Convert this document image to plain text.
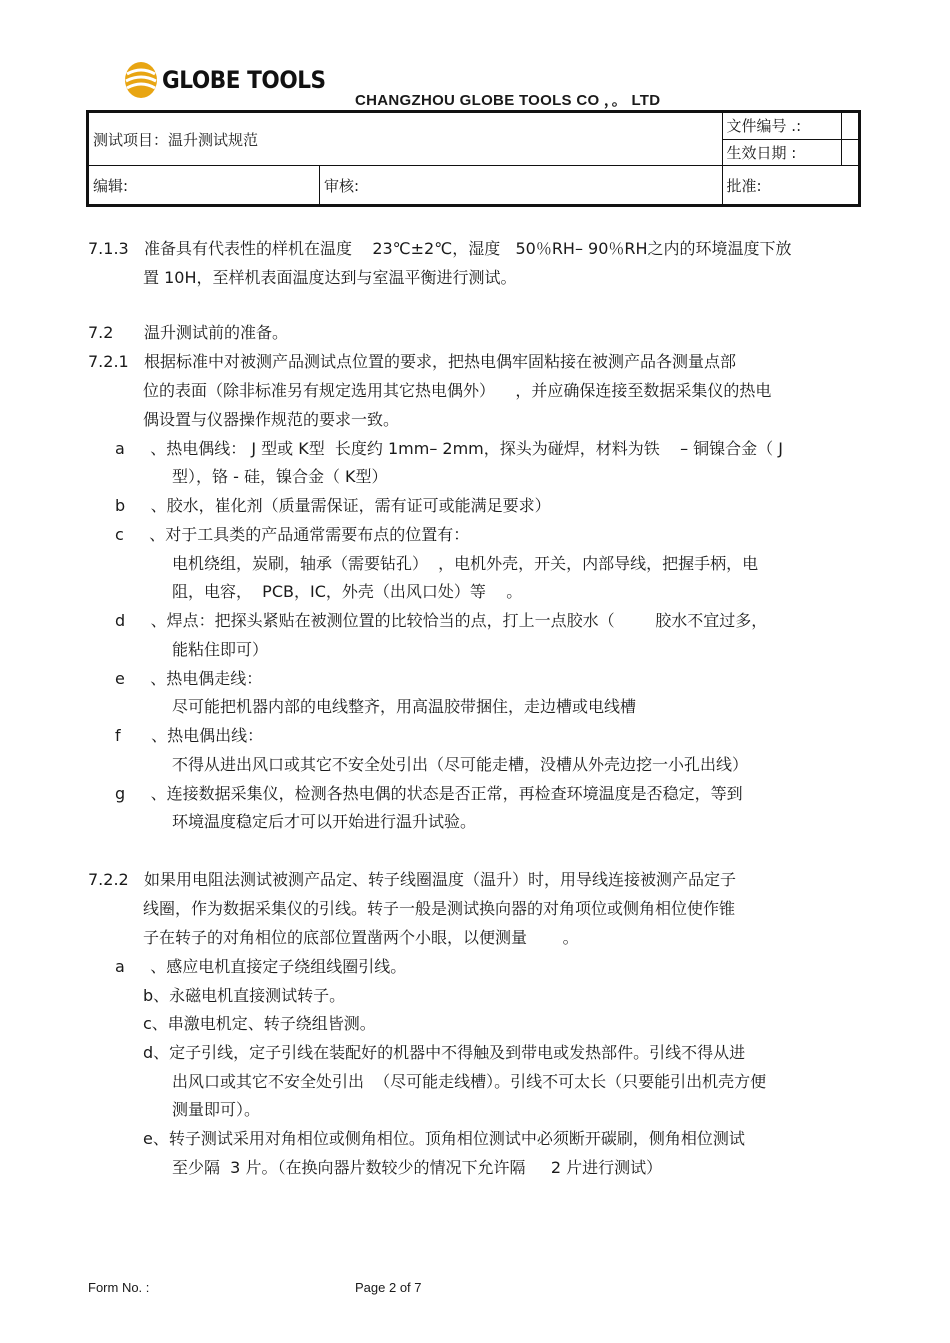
GLOBE TOOLS
CHANGZHOU GLOBE TOOLS CO ，。 LTD
测试项目：温升测试规范		文件编号 .:	
		生效日期 :	
编辑:	审核:	批准:	
7.1.3   准备具有代表性的样机在温度    23℃±2℃，湿度   50％RH– 90％RH之内的环境温度下放
置 10H，至样机表面温度达到与室温平衡进行测试。
7.2      温升测试前的准备。
7.2.1   根据标准中对被测产品测试点位置的要求，把热电偶牢固粘接在被测产品各测量点部
位的表面（除非标准另有规定选用其它热电偶外）    ，并应确保连接至数据采集仪的热电
偶设置与仪器操作规范的要求一致。
a     、热电偶线： J 型或 K型  长度约 1mm– 2mm，探头为碰焊，材料为铁    – 铜镍合金（ J
型），铬 - 硅，镍合金（ K型）
b     、胶水，崔化剂（质量需保证，需有证可或能满足要求）
c     、对于工具类的产品通常需要布点的位置有：
电机绕组，炭刷，轴承（需要钻孔）  ，电机外壳，开关，内部导线，把握手柄，电
阻，电容，  PCB，IC，外壳（出风口处）等    。
d     、焊点：把探头紧贴在被测位置的比较恰当的点，打上一点胶水（        胶水不宜过多，
能粘住即可）
e     、热电偶走线：
尽可能把机器内部的电线整齐，用高温胶带捆住，走边槽或电线槽
f      、热电偶出线：
不得从进出风口或其它不安全处引出（尽可能走槽，没槽从外壳边挖一小孔出线）
g     、连接数据采集仪，检测各热电偶的状态是否正常，再检查环境温度是否稳定，等到
环境温度稳定后才可以开始进行温升试验。
7.2.2   如果用电阻法测试被测产品定、转子线圈温度（温升）时，用导线连接被测产品定子
线圈，作为数据采集仪的引线。转子一般是测试换向器的对角项位或侧角相位使作锥
子在转子的对角相位的底部位置凿两个小眼，以便测量       。
a     、感应电机直接定子绕组线圈引线。
b、永磁电机直接测试转子。
c、串激电机定、转子绕组皆测。
d、定子引线，定子引线在装配好的机器中不得触及到带电或发热部件。引线不得从进
出风口或其它不安全处引出  （尽可能走线槽）。引线不可太长（只要能引出机壳方便
测量即可）。
e、转子测试采用对角相位或侧角相位。顶角相位测试中必须断开碳刷，侧角相位测试
至少隔  3 片。（在换向器片数较少的情况下允许隔     2 片进行测试）
Form No. :	Page 2 of 7
